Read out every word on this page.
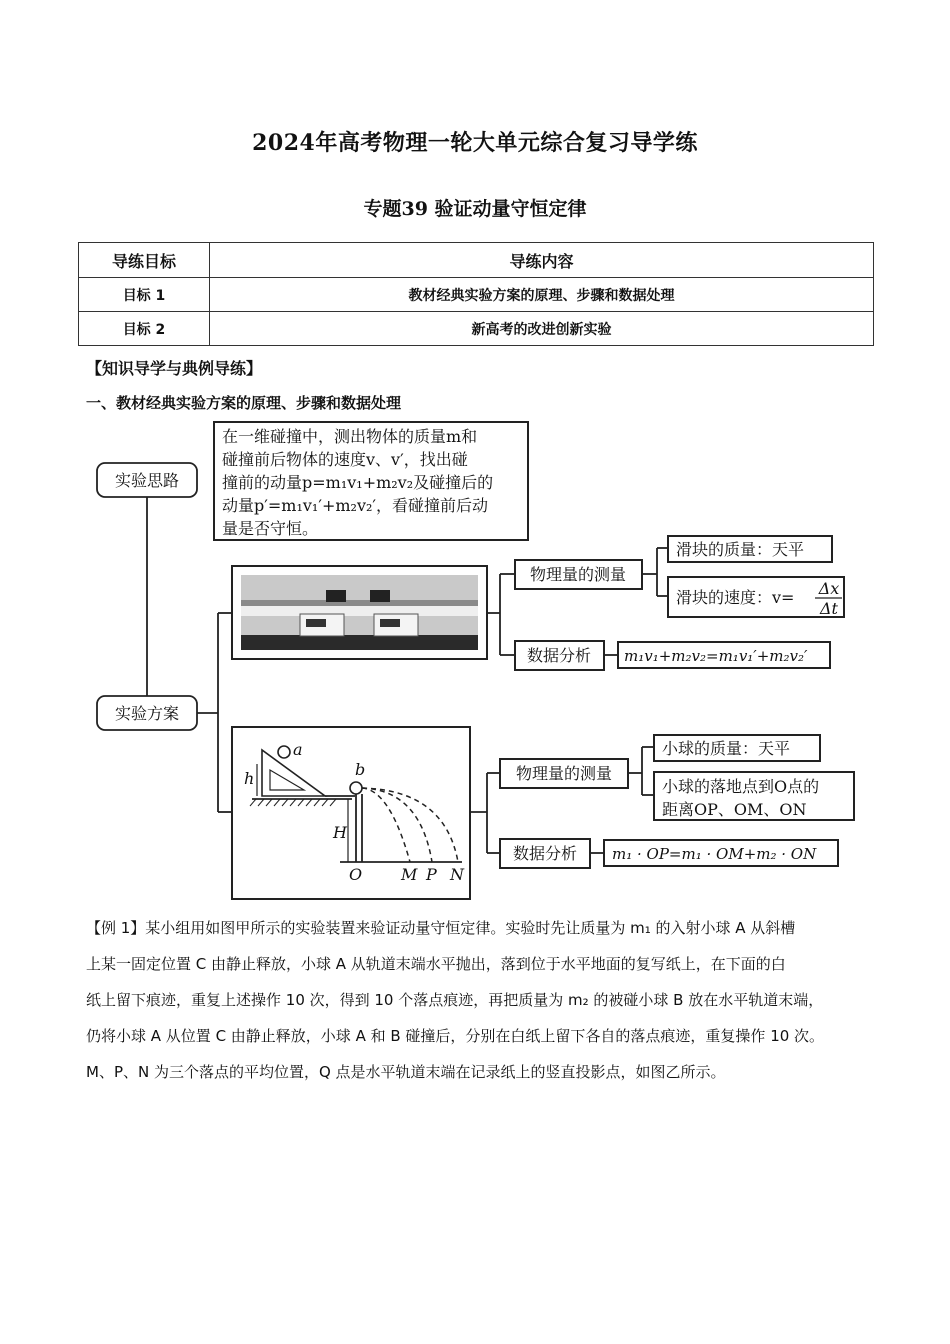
2024年高考物理一轮大单元综合复习导学练
专题39 验证动量守恒定律
导练目标	导练内容
目标 1	教材经典实验方案的原理、步骤和数据处理
目标 2	新高考的改进创新实验
【知识导学与典例导练】
一、教材经典实验方案的原理、步骤和数据处理
实验思路
在一维碰撞中，测出物体的质量m和
碰撞前后物体的速度v、v′，找出碰
撞前的动量p=m₁v₁+m₂v₂及碰撞后的
动量p′=m₁v₁′+m₂v₂′，看碰撞前后动
量是否守恒。
实验方案
物理量的测量
滑块的质量：天平
滑块的速度：v= Δx
Δt
数据分析 m₁v₁+m₂v₂=m₁v₁′+m₂v₂′
a
b
h
H
O M P N
物理量的测量
小球的质量：天平
小球的落地点到O点的
距离OP、OM、ON
数据分析 m₁ · OP=m₁ · OM+m₂ · ON

【例 1】某小组用如图甲所示的实验装置来验证动量守恒定律。实验时先让质量为 m₁ 的入射小球 A 从斜槽

上某一固定位置 C 由静止释放，小球 A 从轨道末端水平抛出，落到位于水平地面的复写纸上，在下面的白

纸上留下痕迹，重复上述操作 10 次，得到 10 个落点痕迹，再把质量为 m₂ 的被碰小球 B 放在水平轨道末端，

仍将小球 A 从位置 C 由静止释放，小球 A 和 B 碰撞后，分别在白纸上留下各自的落点痕迹，重复操作 10 次。

M、P、N 为三个落点的平均位置，Q 点是水平轨道末端在记录纸上的竖直投影点，如图乙所示。
